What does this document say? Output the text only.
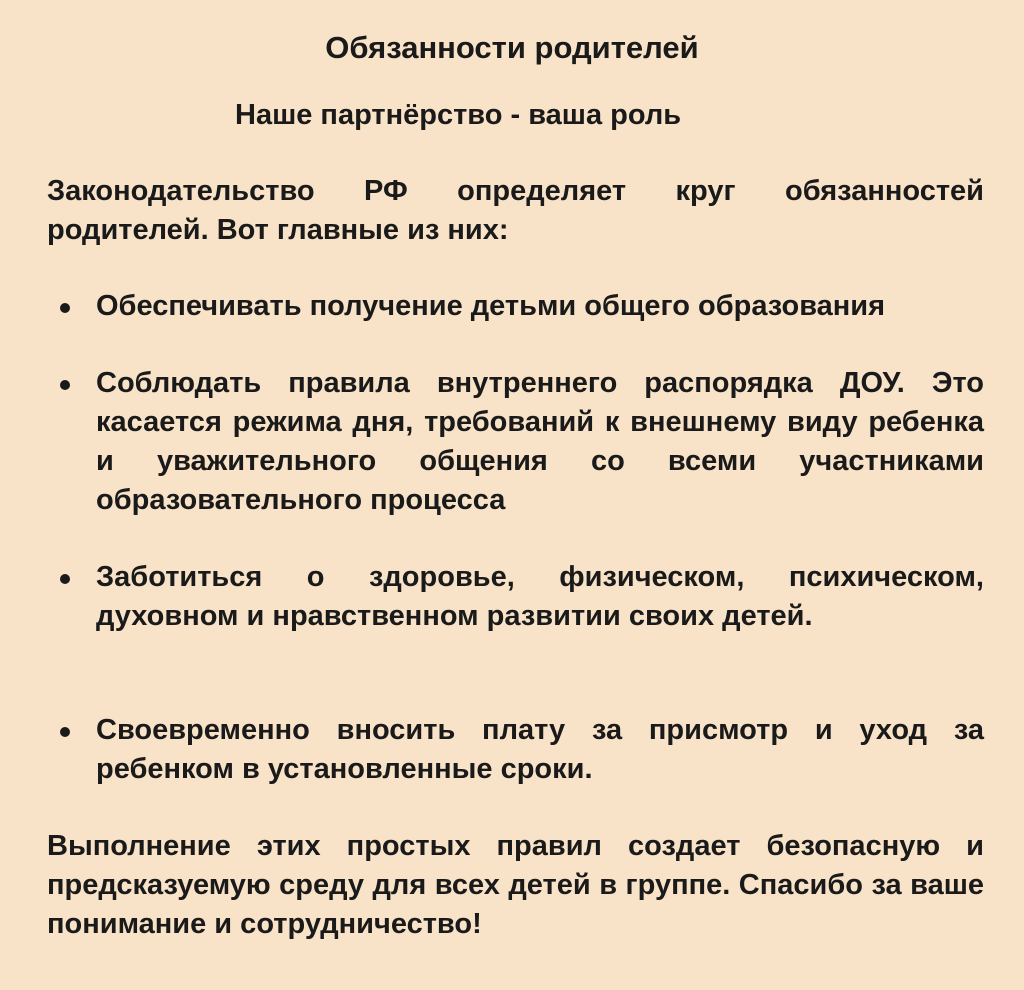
Обязанности родителей
Наше партнёрство - ваша роль
Законодательство РФ определяет круг обязанностей родителей. Вот главные из них:
Обеспечивать получение детьми общего образования
Соблюдать правила внутреннего распорядка ДОУ. Это касается режима дня, требований к внешнему виду ребенка и уважительного общения со всеми участниками образовательного процесса
Заботиться о здоровье, физическом, психическом, духовном и нравственном развитии своих детей.
Своевременно вносить плату за присмотр и уход за ребенком в установленные сроки.
Выполнение этих простых правил создает безопасную и предсказуемую среду для всех детей в группе. Спасибо за ваше понимание и сотрудничество!
